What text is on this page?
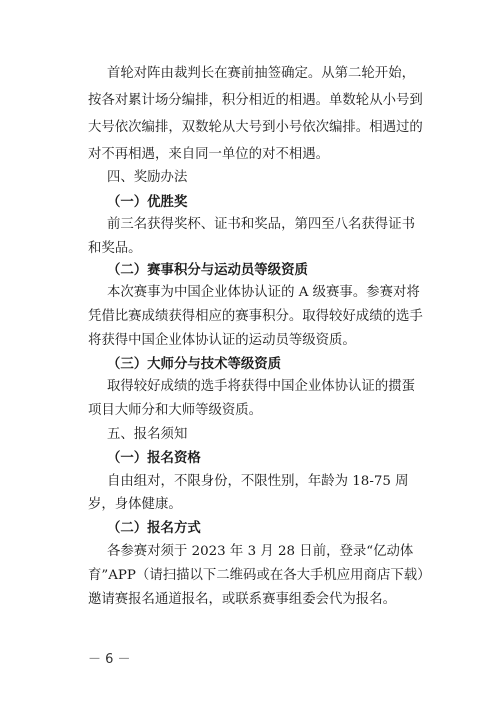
首轮对阵由裁判长在赛前抽签确定。从第二轮开始，

按各对累计场分编排，积分相近的相遇。单数轮从小号到

大号依次编排，双数轮从大号到小号依次编排。相遇过的

对不再相遇，来自同一单位的对不相遇。

四、奖励办法

（一）优胜奖

前三名获得奖杯、证书和奖品，第四至八名获得证书

和奖品。

（二）赛事积分与运动员等级资质

本次赛事为中国企业体协认证的 A 级赛事。参赛对将

凭借比赛成绩获得相应的赛事积分。取得较好成绩的选手

将获得中国企业体协认证的运动员等级资质。

（三）大师分与技术等级资质

取得较好成绩的选手将获得中国企业体协认证的掼蛋

项目大师分和大师等级资质。

五、报名须知

（一）报名资格

自由组对，不限身份，不限性别，年龄为 18-75 周

岁，身体健康。

（二）报名方式

各参赛对须于 2023 年 3 月 28 日前，登录“亿动体

育”APP（请扫描以下二维码或在各大手机应用商店下载）

邀请赛报名通道报名，或联系赛事组委会代为报名。

－ 6 －
